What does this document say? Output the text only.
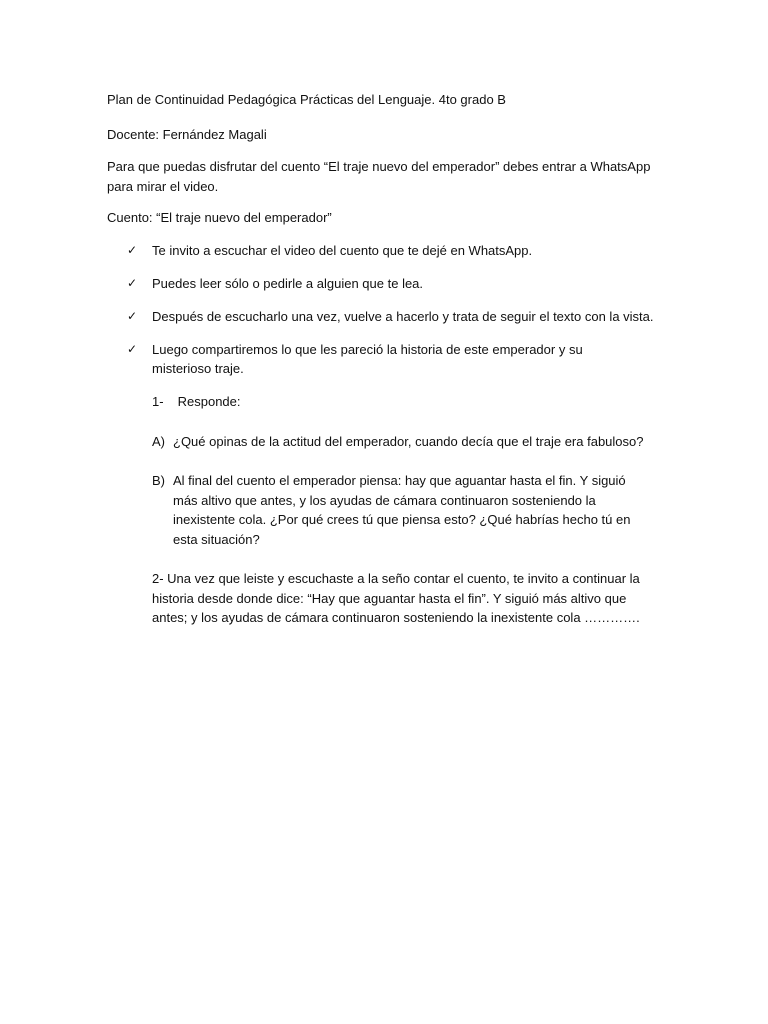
Plan de Continuidad Pedagógica Prácticas del Lenguaje. 4to grado B

Docente: Fernández Magali

Para que puedas disfrutar del cuento “El traje nuevo del emperador” debes entrar a WhatsApp para mirar el video.

Cuento: “El traje nuevo del emperador”

✓ Te invito a escuchar el video del cuento que te dejé en WhatsApp.
✓ Puedes leer sólo o pedirle a alguien que te lea.
✓ Después de escucharlo una vez, vuelve a hacerlo y trata de seguir el texto con la vista.
✓ Luego compartiremos lo que les pareció la historia de este emperador y su misterioso traje.

1- Responde:

A) ¿Qué opinas de la actitud del emperador, cuando decía que el traje era fabuloso?
B) Al final del cuento el emperador piensa: hay que aguantar hasta el fin. Y siguió más altivo que antes, y los ayudas de cámara continuaron sosteniendo la inexistente cola. ¿Por qué crees tú que piensa esto? ¿Qué habrías hecho tú en esta situación?

2- Una vez que leiste y escuchaste a la seño contar el cuento, te invito a continuar la historia desde donde dice: “Hay que aguantar hasta el fin”. Y siguió más altivo que antes; y los ayudas de cámara continuaron sosteniendo la inexistente cola ………….
